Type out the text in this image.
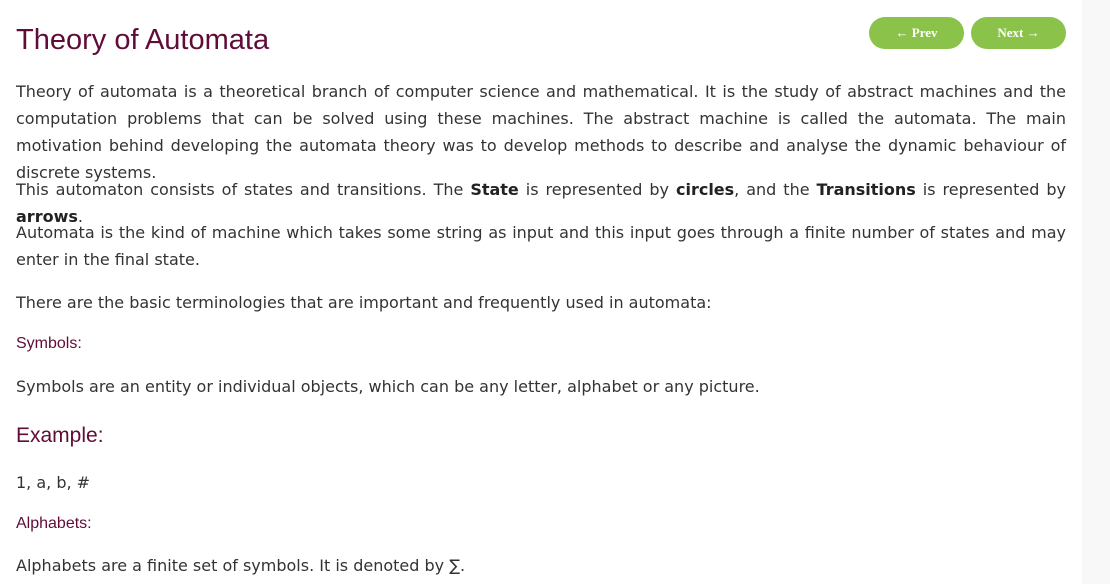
Theory of Automata	← Prev	Next →

Theory of automata is a theoretical branch of computer science and mathematical. It is the study of abstract machines and the computation problems that can be solved using these machines. The abstract machine is called the automata. The main motivation behind developing the automata theory was to develop methods to describe and analyse the dynamic behaviour of discrete systems.

This automaton consists of states and transitions. The State is represented by circles, and the Transitions is represented by arrows.

Automata is the kind of machine which takes some string as input and this input goes through a finite number of states and may enter in the final state.

There are the basic terminologies that are important and frequently used in automata:

Symbols:

Symbols are an entity or individual objects, which can be any letter, alphabet or any picture.

Example:

1, a, b, #

Alphabets:

Alphabets are a finite set of symbols. It is denoted by ∑.
